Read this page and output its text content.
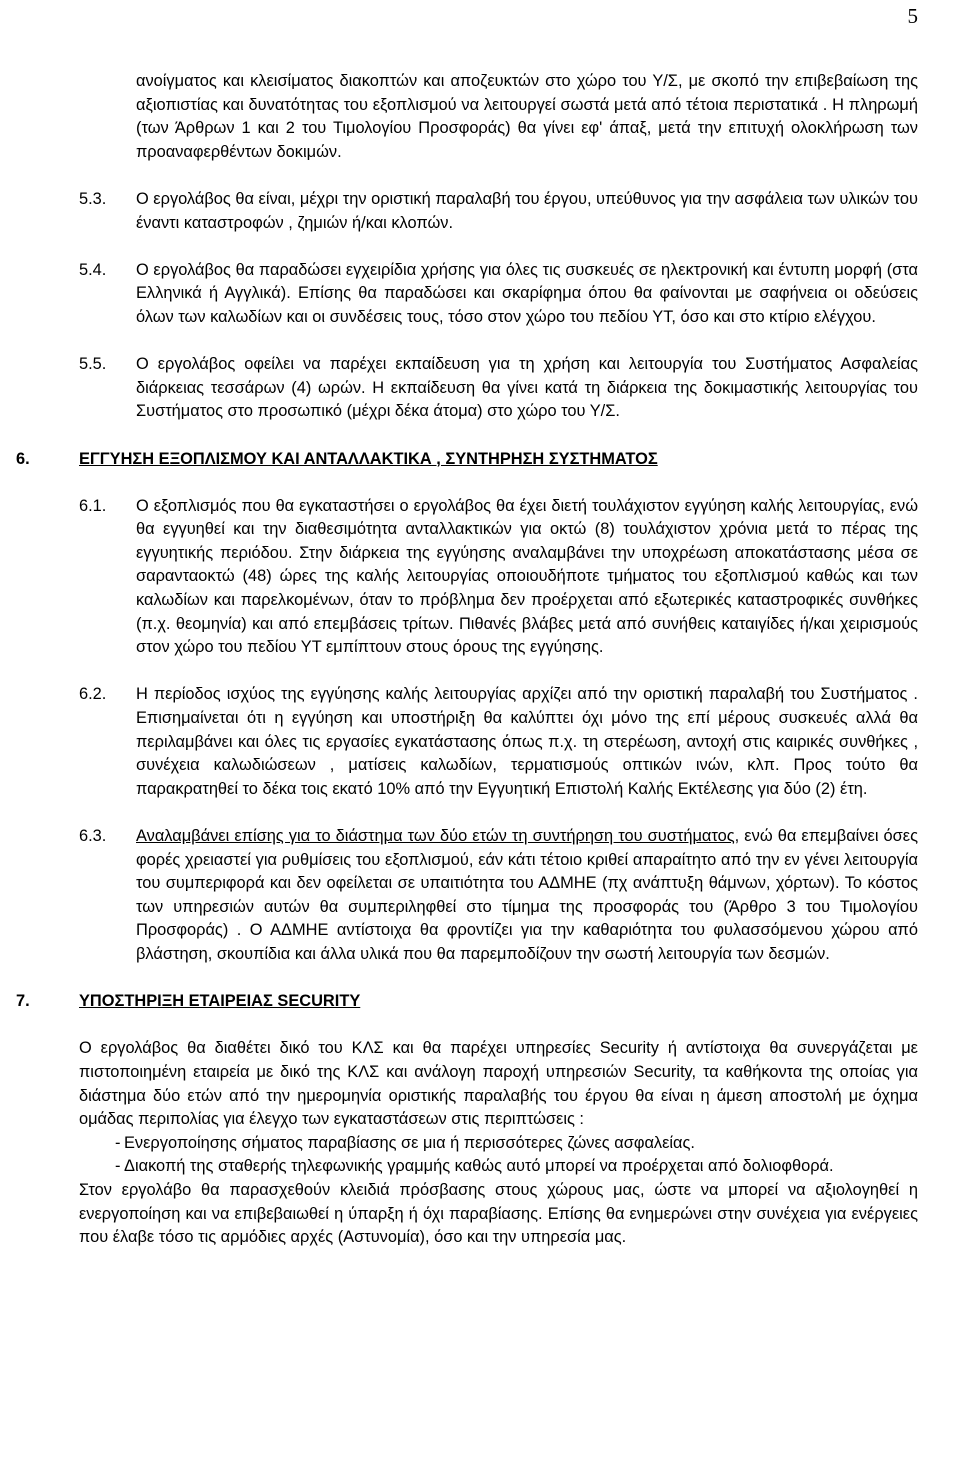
5

ανοίγματος και κλεισίματος διακοπτών και αποζευκτών στο χώρο του Υ/Σ, με σκοπό την επιβεβαίωση της αξιοπιστίας και δυνατότητας του εξοπλισμού να λειτουργεί σωστά μετά από τέτοια περιστατικά . Η πληρωμή (των Άρθρων 1 και 2 του Τιμολογίου Προσφοράς) θα γίνει εφ' άπαξ, μετά την επιτυχή ολοκλήρωση των προαναφερθέντων δοκιμών.

5.3. Ο εργολάβος θα είναι, μέχρι την οριστική παραλαβή του έργου, υπεύθυνος για την ασφάλεια των υλικών του έναντι καταστροφών , ζημιών ή/και κλοπών.

5.4. Ο εργολάβος θα παραδώσει εγχειρίδια χρήσης για όλες τις συσκευές σε ηλεκτρονική και έντυπη μορφή (στα Ελληνικά ή Αγγλικά). Επίσης θα παραδώσει και σκαρίφημα όπου θα φαίνονται με σαφήνεια οι οδεύσεις όλων των καλωδίων και οι συνδέσεις τους, τόσο στον χώρο του πεδίου ΥΤ, όσο και στο κτίριο ελέγχου.

5.5. Ο εργολάβος οφείλει να παρέχει εκπαίδευση για τη χρήση και λειτουργία του Συστήματος Ασφαλείας διάρκειας τεσσάρων (4) ωρών. Η εκπαίδευση θα γίνει κατά τη διάρκεια της δοκιμαστικής λειτουργίας του Συστήματος στο προσωπικό (μέχρι δέκα άτομα) στο χώρο του Υ/Σ.

6.	ΕΓΓΥΗΣΗ ΕΞΟΠΛΙΣΜΟΥ ΚΑΙ ΑΝΤΑΛΛΑΚΤΙΚΑ , ΣΥΝΤΗΡΗΣΗ ΣΥΣΤΗΜΑΤΟΣ

6.1. Ο εξοπλισμός που θα εγκαταστήσει ο εργολάβος θα έχει διετή τουλάχιστον εγγύηση καλής λειτουργίας, ενώ θα εγγυηθεί και την διαθεσιμότητα ανταλλακτικών για οκτώ (8) τουλάχιστον χρόνια μετά το πέρας της εγγυητικής περιόδου. Στην διάρκεια της εγγύησης αναλαμβάνει την υποχρέωση αποκατάστασης μέσα σε σαρανταοκτώ (48) ώρες της καλής λειτουργίας οποιουδήποτε τμήματος του εξοπλισμού καθώς και των καλωδίων και παρελκομένων, όταν το πρόβλημα δεν προέρχεται από εξωτερικές καταστροφικές συνθήκες (π.χ. θεομηνία) και από επεμβάσεις τρίτων. Πιθανές βλάβες μετά από συνήθεις καταιγίδες ή/και χειρισμούς στον χώρο του πεδίου ΥΤ εμπίπτουν στους όρους της εγγύησης.

6.2. Η περίοδος ισχύος της εγγύησης καλής λειτουργίας αρχίζει από την οριστική παραλαβή του Συστήματος . Επισημαίνεται ότι η εγγύηση και υποστήριξη θα καλύπτει όχι μόνο της επί μέρους συσκευές αλλά θα περιλαμβάνει και όλες τις εργασίες εγκατάστασης όπως π.χ. τη στερέωση, αντοχή στις καιρικές συνθήκες , συνέχεια καλωδιώσεων , ματίσεις καλωδίων, τερματισμούς οπτικών ινών, κλπ. Προς τούτο θα παρακρατηθεί το δέκα τοις εκατό 10% από την Εγγυητική Επιστολή Καλής Εκτέλεσης για δύο (2) έτη.

6.3. Αναλαμβάνει επίσης για το διάστημα των δύο ετών τη συντήρηση του συστήματος, ενώ θα επεμβαίνει όσες φορές χρειαστεί για ρυθμίσεις του εξοπλισμού, εάν κάτι τέτοιο κριθεί απαραίτητο από την εν γένει λειτουργία του συμπεριφορά και δεν οφείλεται σε υπαιτιότητα του ΑΔΜΗΕ (πχ ανάπτυξη θάμνων, χόρτων). Το κόστος των υπηρεσιών αυτών θα συμπεριληφθεί στο τίμημα της προσφοράς του (Άρθρο 3 του Τιμολογίου Προσφοράς) . Ο ΑΔΜΗΕ αντίστοιχα θα φροντίζει για την καθαριότητα του φυλασσόμενου χώρου από βλάστηση, σκουπίδια και άλλα υλικά που θα παρεμποδίζουν την σωστή λειτουργία των δεσμών.

7.	ΥΠΟΣΤΗΡΙΞΗ ΕΤΑΙΡΕΙΑΣ SECURITY

Ο εργολάβος θα διαθέτει δικό του ΚΛΣ και θα παρέχει υπηρεσίες Security ή αντίστοιχα θα συνεργάζεται με πιστοποιημένη εταιρεία με δικό της ΚΛΣ και ανάλογη παροχή υπηρεσιών Security, τα καθήκοντα της οποίας για διάστημα δύο ετών από την ημερομηνία οριστικής παραλαβής του έργου θα είναι η άμεση αποστολή με όχημα ομάδας περιπολίας για έλεγχο των εγκαταστάσεων στις περιπτώσεις :

- Ενεργοποίησης σήματος παραβίασης σε μια ή περισσότερες ζώνες ασφαλείας.
- Διακοπή της σταθερής τηλεφωνικής γραμμής καθώς αυτό μπορεί να προέρχεται από δολιοφθορά.

Στον εργολάβο θα παρασχεθούν κλειδιά πρόσβασης στους χώρους μας, ώστε να μπορεί να αξιολογηθεί η ενεργοποίηση και να επιβεβαιωθεί η ύπαρξη ή όχι παραβίασης. Επίσης θα ενημερώνει στην συνέχεια για ενέργειες που έλαβε τόσο τις αρμόδιες αρχές (Αστυνομία), όσο και την υπηρεσία μας.
